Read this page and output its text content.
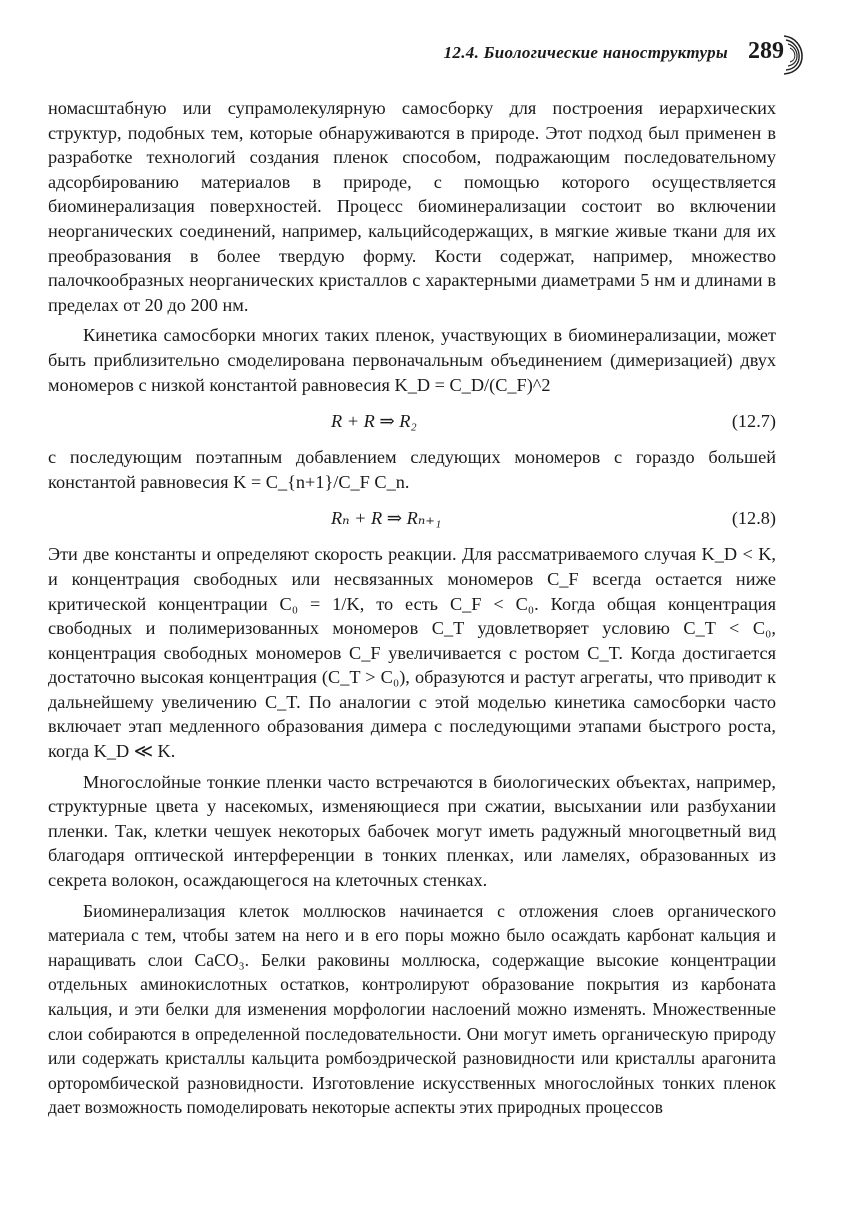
12.4. Биологические наноструктуры 289

номасштабную или супрамолекулярную самосборку для построения иерархических структур, подобных тем, которые обнаруживаются в природе. Этот подход был применен в разработке технологий создания пленок способом, подражающим последовательному адсорбированию материалов в природе, с помощью которого осуществляется биоминерализация поверхностей. Процесс биоминерализации состоит во включении неорганических соединений, например, кальцийсодержащих, в мягкие живые ткани для их преобразования в более твердую форму. Кости содержат, например, множество палочкообразных неорганических кристаллов с характерными диаметрами 5 нм и длинами в пределах от 20 до 200 нм.

Кинетика самосборки многих таких пленок, участвующих в биоминерализации, может быть приблизительно смоделирована первоначальным объединением (димеризацией) двух мономеров с низкой константой равновесия K_D = C_D/(C_F)^2

R + R ⇒ R₂	(12.7)

с последующим поэтапным добавлением следующих мономеров с гораздо большей константой равновесия K = C_{n+1}/C_F C_n.

Rₙ + R ⇒ Rₙ₊₁	(12.8)

Эти две константы и определяют скорость реакции. Для рассматриваемого случая K_D < K, и концентрация свободных или несвязанных мономеров C_F всегда остается ниже критической концентрации C₀ = 1/K, то есть C_F < C₀. Когда общая концентрация свободных и полимеризованных мономеров C_T удовлетворяет условию C_T < C₀, концентрация свободных мономеров C_F увеличивается с ростом C_T. Когда достигается достаточно высокая концентрация (C_T > C₀), образуются и растут агрегаты, что приводит к дальнейшему увеличению C_T. По аналогии с этой моделью кинетика самосборки часто включает этап медленного образования димера с последующими этапами быстрого роста, когда K_D ≪ K.

Многослойные тонкие пленки часто встречаются в биологических объектах, например, структурные цвета у насекомых, изменяющиеся при сжатии, высыхании или разбухании пленки. Так, клетки чешуек некоторых бабочек могут иметь радужный многоцветный вид благодаря оптической интерференции в тонких пленках, или ламелях, образованных из секрета волокон, осаждающегося на клеточных стенках.

Биоминерализация клеток моллюсков начинается с отложения слоев органического материала с тем, чтобы затем на него и в его поры можно было осаждать карбонат кальция и наращивать слои CaCO₃. Белки раковины моллюска, содержащие высокие концентрации отдельных аминокислотных остатков, контролируют образование покрытия из карбоната кальция, и эти белки для изменения морфологии наслоений можно изменять. Множественные слои собираются в определенной последовательности. Они могут иметь органическую природу или содержать кристаллы кальцита ромбоэдрической разновидности или кристаллы арагонита орторомбической разновидности. Изготовление искусственных многослойных тонких пленок дает возможность помоделировать некоторые аспекты этих природных процессов
